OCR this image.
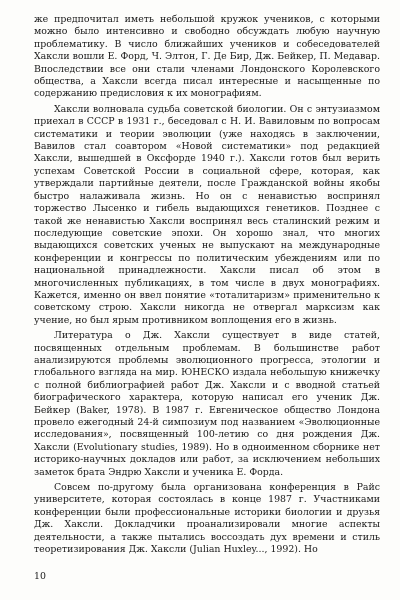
же предпочитал иметь небольшой кружок учеников, с которыми можно было интенсивно и свободно обсуждать любую научную проблематику. В число ближайших учеников и собеседователей Хаксли вошли Е. Форд, Ч. Элтон, Г. Де Бир, Дж. Бейкер, П. Медавар. Впоследствии все они стали членами Лондонского Королевского общества, а Хаксли всегда писал интересные и насыщенные по содержанию предисловия к их монографиям.

Хаксли волновала судьба советской биологии. Он с энтузиазмом приехал в СССР в 1931 г., беседовал с Н. И. Вавиловым по вопросам систематики и теории эволюции (уже находясь в заключении, Вавилов стал соавтором «Новой систематики» под редакцией Хаксли, вышедшей в Оксфорде 1940 г.). Хаксли готов был верить успехам Советской России в социальной сфере, которая, как утверждали партийные деятели, после Гражданской войны якобы быстро налаживала жизнь. Но он с ненавистью воспринял торжество Лысенко и гибель выдающихся генетиков. Позднее с такой же ненавистью Хаксли воспринял весь сталинский режим и последующие советские эпохи. Он хорошо знал, что многих выдающихся советских ученых не выпускают на международные конференции и конгрессы по политическим убеждениям или по национальной принадлежности. Хаксли писал об этом в многочисленных публикациях, в том числе в двух монографиях. Кажется, именно он ввел понятие «тоталитаризм» применительно к советскому строю. Хаксли никогда не отвергал марксизм как учение, но был ярым противником воплощения его в жизнь.

Литература о Дж. Хаксли существует в виде статей, посвященных отдельным проблемам. В большинстве работ анализируются проблемы эволюционного прогресса, этологии и глобального взгляда на мир. ЮНЕСКО издала небольшую книжечку с полной библиографией работ Дж. Хаксли и с вводной статьей биографического характера, которую написал его ученик Дж. Бейкер (Baker, 1978). В 1987 г. Евгеническое общество Лондона провело ежегодный 24-й симпозиум под названием «Эволюционные исследования», посвященный 100-летию со дня рождения Дж. Хаксли (Evolutionary studies, 1989). Но в одноименном сборнике нет историко-научных докладов или работ, за исключением небольших заметок брата Эндрю Хаксли и ученика Е. Форда.

Совсем по-другому была организована конференция в Райс университете, которая состоялась в конце 1987 г. Участниками конференции были профессиональные историки биологии и друзья Дж. Хаксли. Докладчики проанализировали многие аспекты деятельности, а также пытались воссоздать дух времени и стиль теоретизирования Дж. Хаксли (Julian Huxley..., 1992). Но

10
